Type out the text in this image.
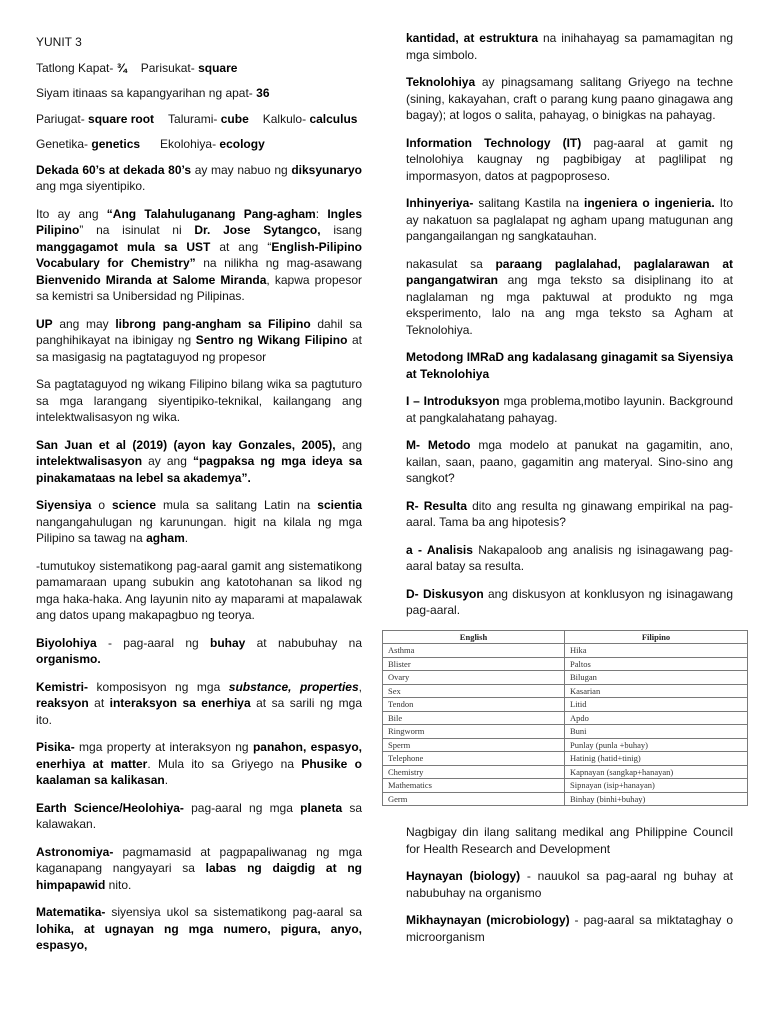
YUNIT 3

Tatlong Kapat- ¾ Parisukat- square

Siyam itinaas sa kapangyarihan ng apat- 36

Pariugat- square root Talurami- cube Kalkulo- calculus

Genetika- genetics Ekolohiya- ecology

Dekada 60’s at dekada 80’s ay may nabuo ng diksyunaryo ang mga siyentipiko.

Ito ay ang “Ang Talahuluganang Pang-agham: Ingles Pilipino” na isinulat ni Dr. Jose Sytangco, isang manggagamot mula sa UST at ang “English-Pilipino Vocabulary for Chemistry” na nilikha ng mag-asawang Bienvenido Miranda at Salome Miranda, kapwa propesor sa kemistri sa Unibersidad ng Pilipinas.

UP ang may librong pang-angham sa Filipino dahil sa panghihikayat na ibinigay ng Sentro ng Wikang Filipino at sa masigasig na pagtataguyod ng propesor

Sa pagtataguyod ng wikang Filipino bilang wika sa pagtuturo sa mga larangang siyentipiko-teknikal, kailangang ang intelektwalisasyon ng wika.

San Juan et al (2019) (ayon kay Gonzales, 2005), ang intelektwalisasyon ay ang “pagpaksa ng mga ideya sa pinakamataas na lebel sa akademya”.

Siyensiya o science mula sa salitang Latin na scientia nangangahulugan ng karunungan. higit na kilala ng mga Pilipino sa tawag na agham.

-tumutukoy sistematikong pag-aaral gamit ang sistematikong pamamaraan upang subukin ang katotohanan sa likod ng mga haka-haka. Ang layunin nito ay maparami at mapalawak ang datos upang makapagbuo ng teorya.

Biyolohiya - pag-aaral ng buhay at nabubuhay na organismo.

Kemistri- komposisyon ng mga substance, properties, reaksyon at interaksyon sa enerhiya at sa sarili ng mga ito.

Pisika- mga property at interaksyon ng panahon, espasyo, enerhiya at matter. Mula ito sa Griyego na Phusike o kaalaman sa kalikasan.

Earth Science/Heolohiya- pag-aaral ng mga planeta sa kalawakan.

Astronomiya- pagmamasid at pagpapaliwanag ng mga kaganapang nangyayari sa labas ng daigdig at ng himpapawid nito.

Matematika- siyensiya ukol sa sistematikong pag-aaral sa lohika, at ugnayan ng mga numero, pigura, anyo, espasyo,

kantidad, at estruktura na inihahayag sa pamamagitan ng mga simbolo.

Teknolohiya ay pinagsamang salitang Griyego na techne (sining, kakayahan, craft o parang kung paano ginagawa ang bagay); at logos o salita, pahayag, o binigkas na pahayag.

Information Technology (IT) pag-aaral at gamit ng telnolohiya kaugnay ng pagbibigay at paglilipat ng impormasyon, datos at pagpoproseso.

Inhinyeriya- salitang Kastila na ingeniera o ingenieria. Ito ay nakatuon sa paglalapat ng agham upang matugunan ang pangangailangan ng sangkatauhan.

nakasulat sa paraang paglalahad, paglalarawan at pangangatwiran ang mga teksto sa disiplinang ito at naglalaman ng mga paktuwal at produkto ng mga eksperimento, lalo na ang mga teksto sa Agham at Teknolohiya.

Metodong IMRaD ang kadalasang ginagamit sa Siyensiya at Teknolohiya

I – Introduksyon mga problema,motibo layunin. Background at pangkalahatang pahayag.

M- Metodo mga modelo at panukat na gagamitin, ano, kailan, saan, paano, gagamitin ang materyal. Sino-sino ang sangkot?

R- Resulta dito ang resulta ng ginawang empirikal na pag-aaral. Tama ba ang hipotesis?

a - Analisis Nakapaloob ang analisis ng isinagawang pag-aaral batay sa resulta.

D- Diskusyon ang diskusyon at konklusyon ng isinagawang pag-aaral.

English	Filipino
Asthma	Hika
Blister	Paltos
Ovary	Bilugan
Sex	Kasarian
Tendon	Litid
Bile	Apdo
Ringworm	Buni
Sperm	Punlay (punla +buhay)
Telephone	Hatinig (hatid+tinig)
Chemistry	Kapnayan (sangkap+hanayan)
Mathematics	Sipnayan (isip+hanayan)
Germ	Binhay (binhi+buhay)

Nagbigay din ilang salitang medikal ang Philippine Council for Health Research and Development

Haynayan (biology) - nauukol sa pag-aaral ng buhay at nabubuhay na organismo

Mikhaynayan (microbiology) - pag-aaral sa miktataghay o microorganism
